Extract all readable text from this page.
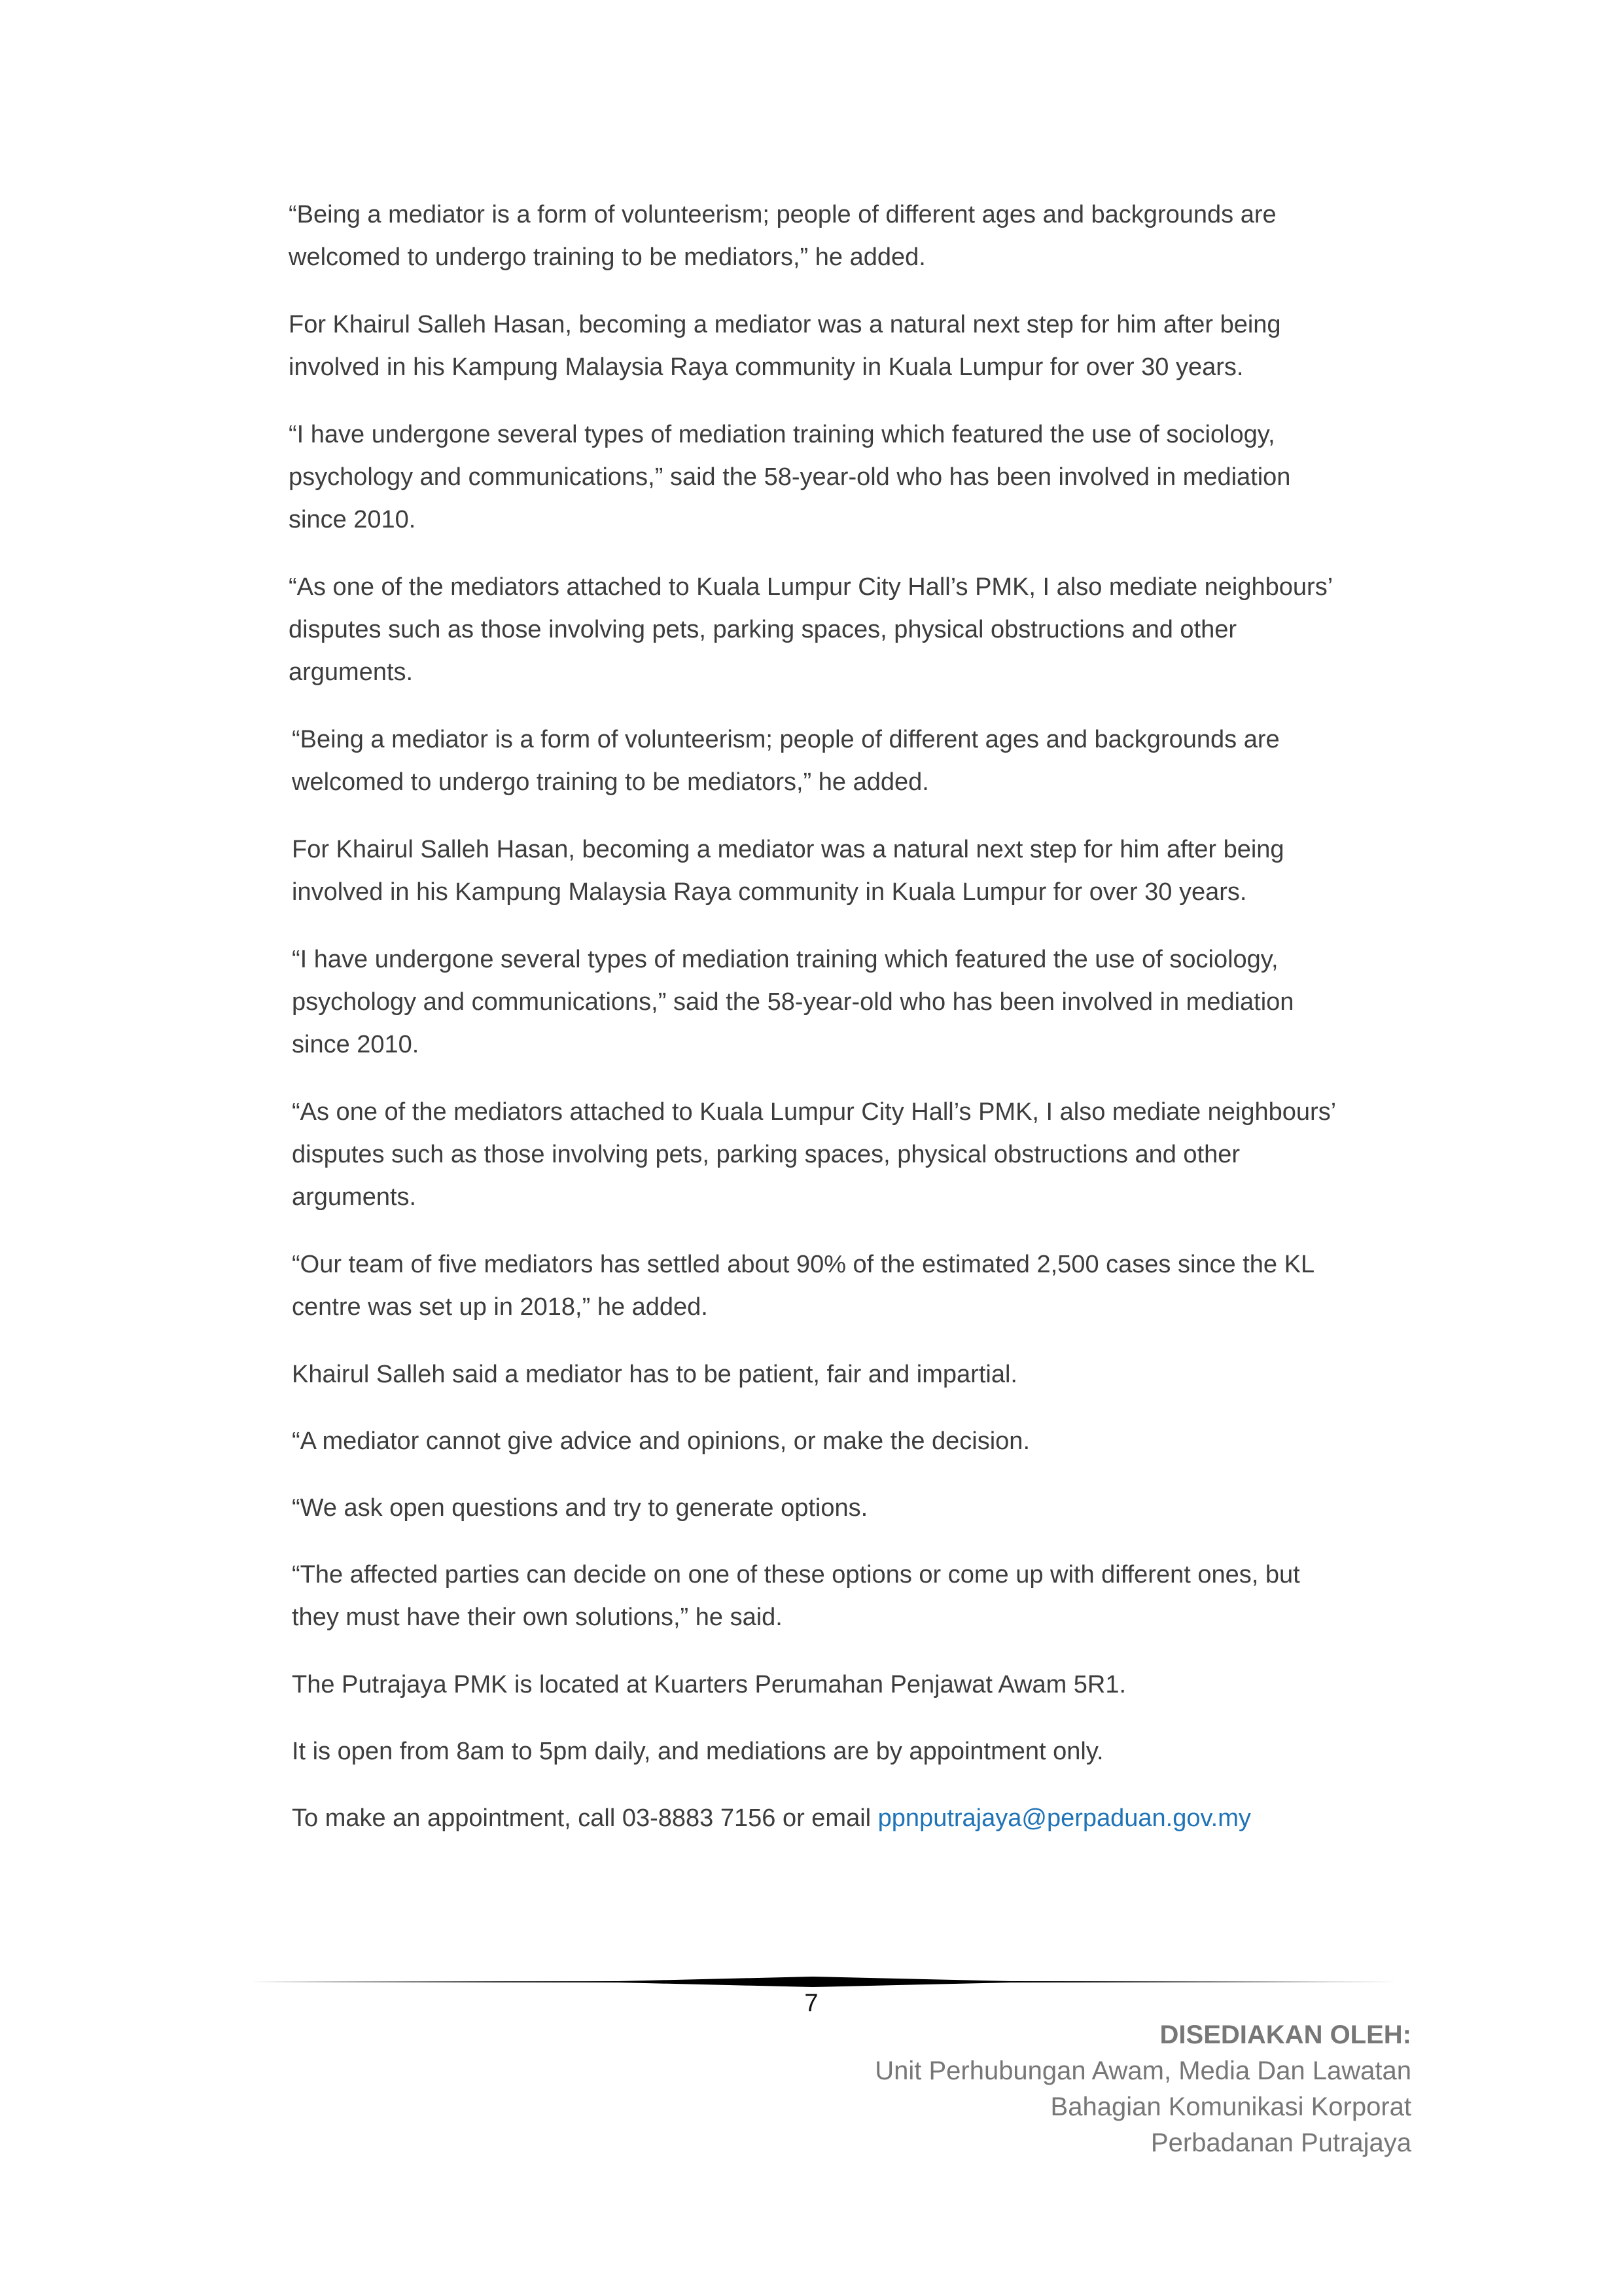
“Being a mediator is a form of volunteerism; people of different ages and backgrounds are welcomed to undergo training to be mediators,” he added.

For Khairul Salleh Hasan, becoming a mediator was a natural next step for him after being involved in his Kampung Malaysia Raya community in Kuala Lumpur for over 30 years.

“I have undergone several types of mediation training which featured the use of sociology, psychology and communications,” said the 58-year-old who has been involved in mediation since 2010.

“As one of the mediators attached to Kuala Lumpur City Hall’s PMK, I also mediate neighbours’ disputes such as those involving pets, parking spaces, physical obstructions and other arguments.

“Being a mediator is a form of volunteerism; people of different ages and backgrounds are welcomed to undergo training to be mediators,” he added.

For Khairul Salleh Hasan, becoming a mediator was a natural next step for him after being involved in his Kampung Malaysia Raya community in Kuala Lumpur for over 30 years.

“I have undergone several types of mediation training which featured the use of sociology, psychology and communications,” said the 58-year-old who has been involved in mediation since 2010.

“As one of the mediators attached to Kuala Lumpur City Hall’s PMK, I also mediate neighbours’ disputes such as those involving pets, parking spaces, physical obstructions and other arguments.

“Our team of five mediators has settled about 90% of the estimated 2,500 cases since the KL centre was set up in 2018,” he added.

Khairul Salleh said a mediator has to be patient, fair and impartial.

“A mediator cannot give advice and opinions, or make the decision.

“We ask open questions and try to generate options.

“The affected parties can decide on one of these options or come up with different ones, but they must have their own solutions,” he said.

The Putrajaya PMK is located at Kuarters Perumahan Penjawat Awam 5R1.

It is open from 8am to 5pm daily, and mediations are by appointment only.

To make an appointment, call 03-8883 7156 or email ppnputrajaya@perpaduan.gov.my

7
DISEDIAKAN OLEH:
Unit Perhubungan Awam, Media Dan Lawatan
Bahagian Komunikasi Korporat
Perbadanan Putrajaya
